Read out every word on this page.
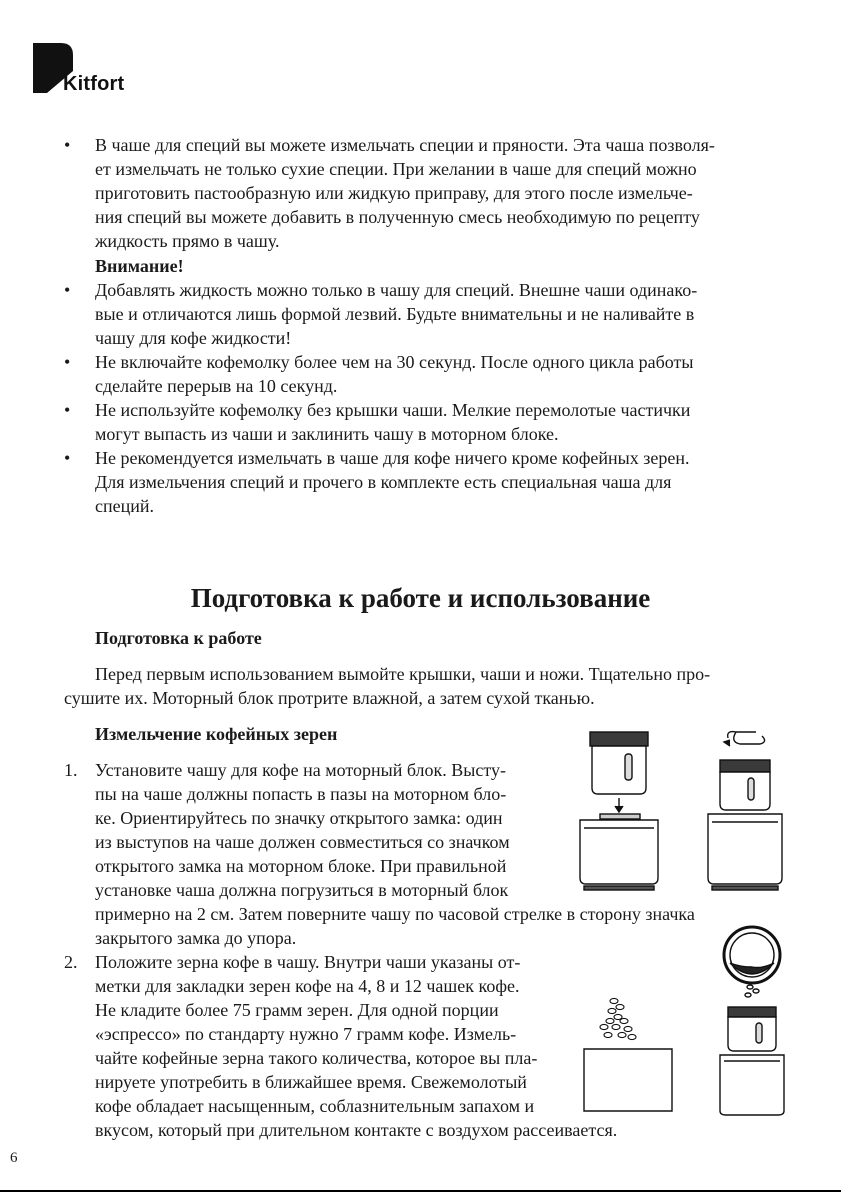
Kitfort
• В чаше для специй вы можете измельчать специи и пряности. Эта чаша позволя-
ет измельчать не только сухие специи. При желании в чаше для специй можно
приготовить пастообразную или жидкую приправу, для этого после измельче-
ния специй вы можете добавить в полученную смесь необходимую по рецепту
жидкость прямо в чашу.
Внимание!
• Добавлять жидкость можно только в чашу для специй. Внешне чаши одинако-
вые и отличаются лишь формой лезвий. Будьте внимательны и не наливайте в
чашу для кофе жидкости!
• Не включайте кофемолку более чем на 30 секунд. После одного цикла работы
сделайте перерыв на 10 секунд.
• Не используйте кофемолку без крышки чаши. Мелкие перемолотые частички
могут выпасть из чаши и заклинить чашу в моторном блоке.
• Не рекомендуется измельчать в чаше для кофе ничего кроме кофейных зерен.
Для измельчения специй и прочего в комплекте есть специальная чаша для
специй.
Подготовка к работе и использование
Подготовка к работе
Перед первым использованием вымойте крышки, чаши и ножи. Тщательно про-
сушите их. Моторный блок протрите влажной, а затем сухой тканью.
Измельчение кофейных зерен
1. Установите чашу для кофе на моторный блок. Высту-
пы на чаше должны попасть в пазы на моторном бло-
ке. Ориентируйтесь по значку открытого замка: один
из выступов на чаше должен совместиться со значком
открытого замка на моторном блоке. При правильной
установке чаша должна погрузиться в моторный блок
примерно на 2 см. Затем поверните чашу по часовой стрелке в сторону значка
закрытого замка до упора.
2. Положите зерна кофе в чашу. Внутри чаши указаны от-
метки для закладки зерен кофе на 4, 8 и 12 чашек кофе.
Не кладите более 75 грамм зерен. Для одной порции
«эспрессо» по стандарту нужно 7 грамм кофе. Измель-
чайте кофейные зерна такого количества, которое вы пла-
нируете употребить в ближайшее время. Свежемолотый
кофе обладает насыщенным, соблазнительным запахом и
вкусом, который при длительном контакте с воздухом рассеивается.
6
